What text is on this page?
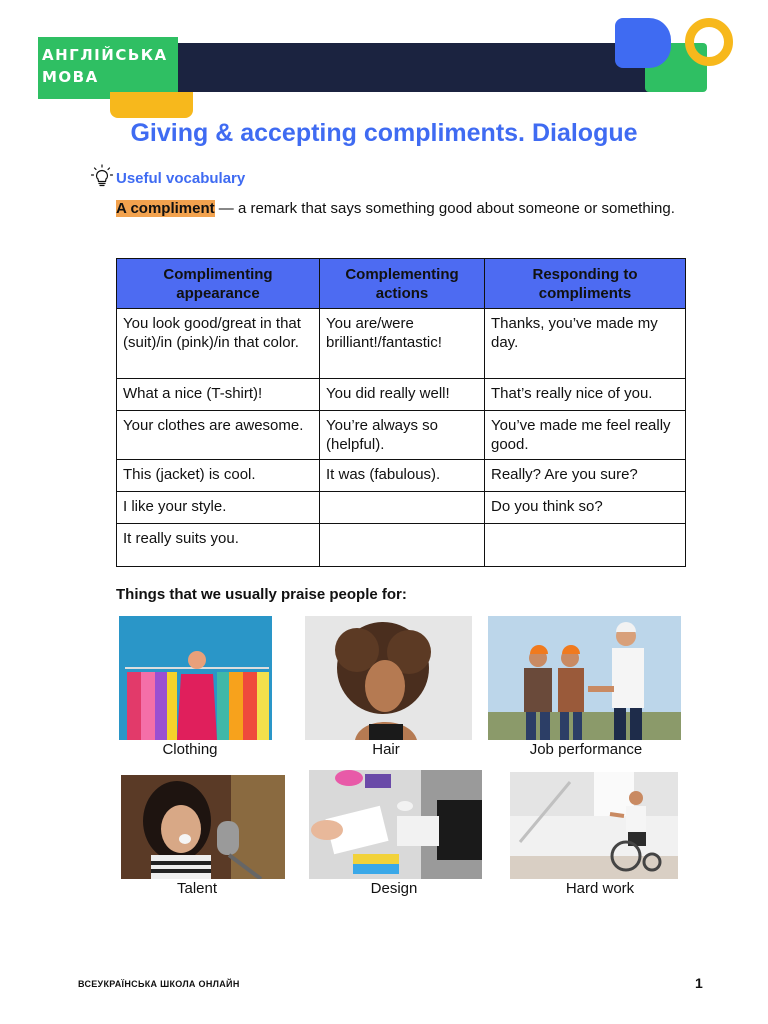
АНГЛІЙСЬКА МОВА
Giving & accepting compliments. Dialogue
Useful vocabulary
A compliment — a remark that says something good about someone or something.
Complimenting appearance	Complementing actions	Responding to compliments
You look good/great in that (suit)/in (pink)/in that color.	You are/were brilliant!/fantastic!	Thanks, you’ve made my day.
What a nice (T-shirt)!	You did really well!	That’s really nice of you.
Your clothes are awesome.	You’re always so (helpful).	You’ve made me feel really good.
This (jacket) is cool.	It was (fabulous).	Really? Are you sure?
I like your style.		Do you think so?
It really suits you.		
Things that we usually praise people for:
Clothing	Hair	Job performance
Talent	Design	Hard work
ВСЕУКРАЇНСЬКА ШКОЛА ОНЛАЙН	1
